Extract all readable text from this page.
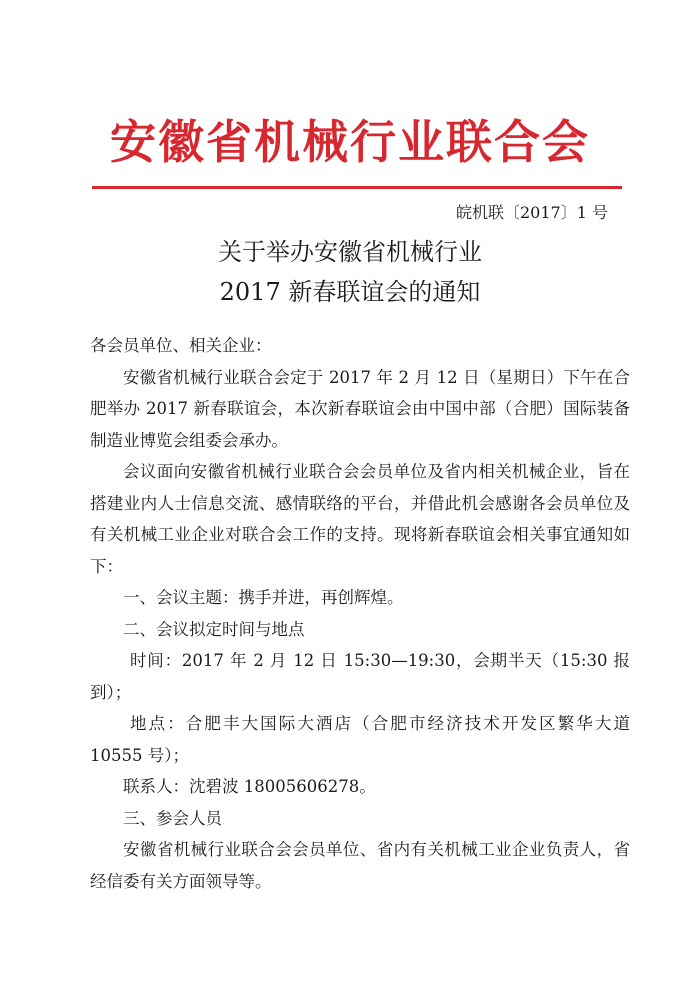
安徽省机械行业联合会
皖机联〔2017〕1 号
关于举办安徽省机械行业
2017 新春联谊会的通知

各会员单位、相关企业：

安徽省机械行业联合会定于 2017 年 2 月 12 日（星期日）下午在合肥举办 2017 新春联谊会，本次新春联谊会由中国中部（合肥）国际装备制造业博览会组委会承办。

会议面向安徽省机械行业联合会会员单位及省内相关机械企业，旨在搭建业内人士信息交流、感情联络的平台，并借此机会感谢各会员单位及有关机械工业企业对联合会工作的支持。现将新春联谊会相关事宜通知如下：

一、会议主题：携手并进，再创辉煌。

二、会议拟定时间与地点

时间：2017 年 2 月 12 日 15:30—19:30，会期半天（15:30 报到）；

地点：合肥丰大国际大酒店（合肥市经济技术开发区繁华大道 10555 号）；

联系人：沈碧波 18005606278。

三、参会人员

安徽省机械行业联合会会员单位、省内有关机械工业企业负责人，省经信委有关方面领导等。
